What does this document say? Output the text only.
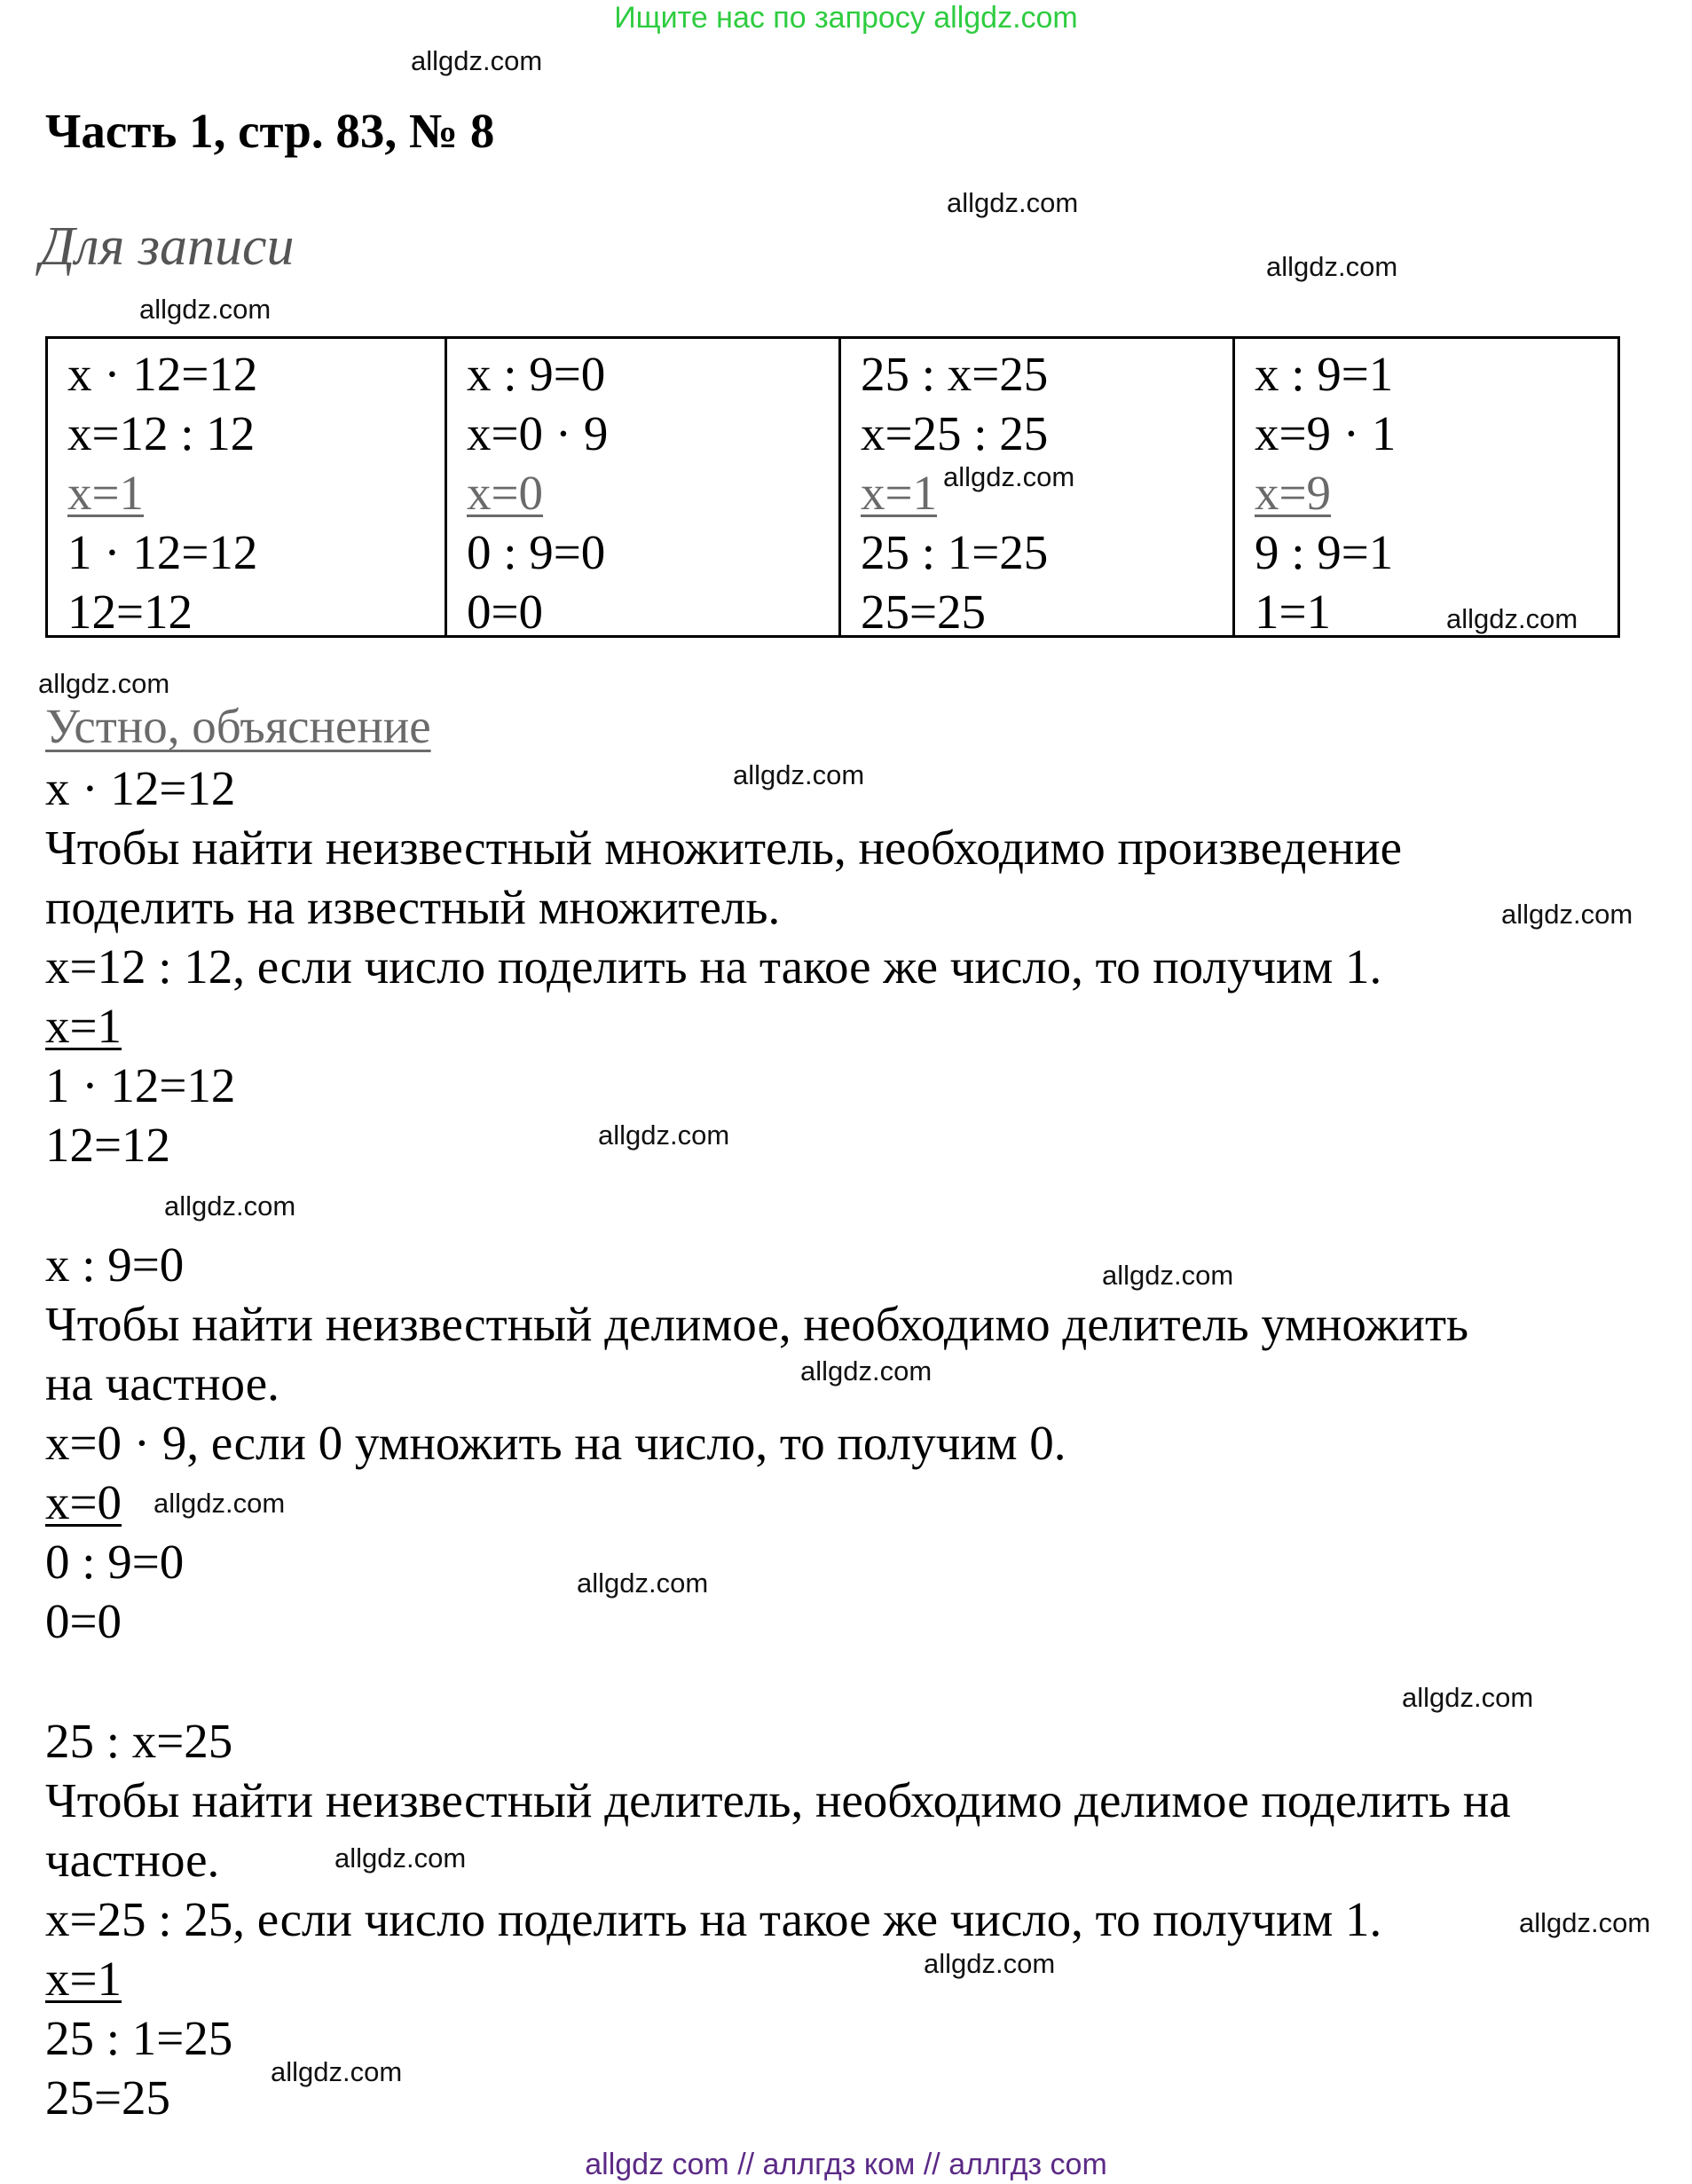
Ищите нас по запросу allgdz.com
Часть 1, стр. 83, № 8
Для записи
x · 12=12
x=12 : 12
x=1
1 · 12=12
12=12
x : 9=0
x=0 · 9
x=0
0 : 9=0
0=0
25 : x=25
x=25 : 25
x=1
25 : 1=25
25=25
x : 9=1
x=9 · 1
x=9
9 : 9=1
1=1
Устно, объяснение
x · 12=12
Чтобы найти неизвестный множитель, необходимо произведение
поделить на известный множитель.
x=12 : 12, если число поделить на такое же число, то получим 1.
x=1
1 · 12=12
12=12
x : 9=0
Чтобы найти неизвестный делимое, необходимо делитель умножить
на частное.
x=0 · 9, если 0 умножить на число, то получим 0.
x=0
0 : 9=0
0=0
25 : x=25
Чтобы найти неизвестный делитель, необходимо делимое поделить на
частное.
x=25 : 25, если число поделить на такое же число, то получим 1.
x=1
25 : 1=25
25=25
allgdz.com
allgdz.com
allgdz.com
allgdz.com
allgdz.com
allgdz.com
allgdz.com
allgdz.com
allgdz.com
allgdz.com
allgdz.com
allgdz.com
allgdz.com
allgdz.com
allgdz.com
allgdz.com
allgdz.com
allgdz.com
allgdz.com
allgdz.com
allgdz com // аллгдз ком // аллгдз com
